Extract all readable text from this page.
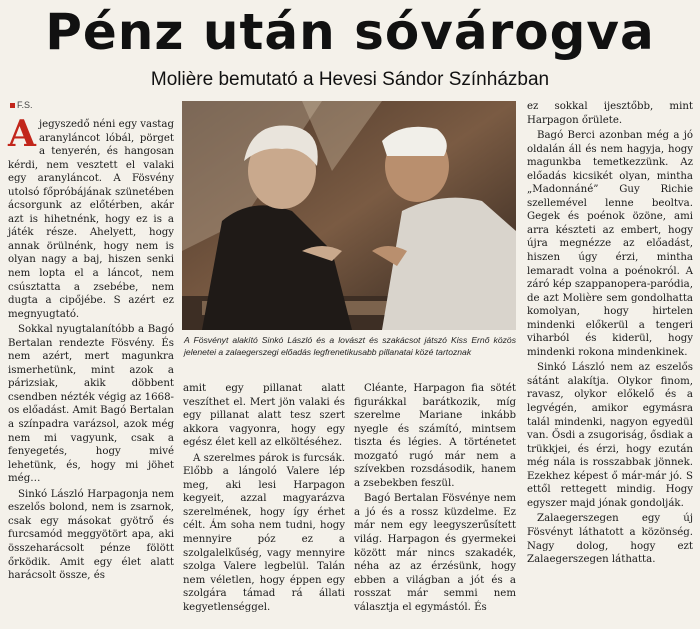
Pénz után sóvárogva
Molière bemutató a Hevesi Sándor Színházban
F.S.

Ajegyszedő néni egy vastag aranyláncot lóbál, pörget a tenyerén, és hangosan kérdi, nem vesztett el valaki egy aranyláncot. A Fösvény utolsó főpróbájának szünetében ácsorgunk az előtérben, akár azt is hihetnénk, hogy ez is a játék része. Ahelyett, hogy annak örülnénk, hogy nem is olyan nagy a baj, hiszen senki nem lopta el a láncot, nem csúsztatta a zsebébe, nem dugta a cipőjébe. S azért ez megnyugtató.

Sokkal nyugtalanítóbb a Bagó Bertalan rendezte Fösvény. És nem azért, mert magunkra ismerhetünk, mint azok a párizsiak, akik döbbent csendben nézték végig az 1668-os előadást. Amit Bagó Bertalan a színpadra varázsol, azok még nem mi vagyunk, csak a fenyegetés, hogy mivé lehetünk, és, hogy mi jöhet még…

Sinkó László Harpagonja nem eszelős bolond, nem is zsarnok, csak egy másokat gyötrő és furcsamód meggyötört apa, aki összeharácsolt pénze fölött őrködik. Amit egy élet alatt harácsolt össze, és

A Fösvényt alakító Sinkó László és a lovászt és szakácsot játszó Kiss Ernő közös jelenetei a zalaegerszegi előadás legfrenetikusabb pillanatai közé tartoznak

amit egy pillanat alatt veszíthet el. Mert jön valaki és egy pillanat alatt tesz szert akkora vagyonra, hogy egy egész élet kell az elköltéséhez.

A szerelmes párok is furcsák. Előbb a lángoló Valere lép meg, aki lesi Harpagon kegyeit, azzal magyarázva szerelmének, hogy így érhet célt. Ám soha nem tudni, hogy mennyire póz ez a szolgalelkűség, vagy mennyire szolga Valere legbelül. Talán nem véletlen, hogy éppen egy szolgára támad rá állati kegyetlenséggel.

Cléante, Harpagon fia sötét figurákkal barátkozik, míg szerelme Mariane inkább nyegle és számító, mintsem tiszta és légies. A történetet mozgató rugó már nem a szívekben rozsdásodik, hanem a zsebekben feszül.

Bagó Bertalan Fösvénye nem a jó és a rossz küzdelme. Ez már nem egy leegyszerűsített világ. Harpagon és gyermekei között már nincs szakadék, néha az az érzésünk, hogy ebben a világban a jót és a rosszat már semmi nem választja el egymástól. És

ez sokkal ijesztőbb, mint Harpagon őrülete.

Bagó Berci azonban még a jó oldalán áll és nem hagyja, hogy magunkba temetkezzünk. Az előadás kicsikét olyan, mintha „Madonnáné” Guy Richie szellemével lenne beoltva. Gegek és poénok özöne, ami arra készteti az embert, hogy újra megnézze az előadást, hiszen úgy érzi, mintha lemaradt volna a poénokról. A záró kép szappanopera-paródia, de azt Molière sem gondolhatta komolyan, hogy hirtelen mindenki előkerül a tengeri viharból és kiderül, hogy mindenki rokona mindenkinek.

Sinkó László nem az eszelős sátánt alakítja. Olykor finom, ravasz, olykor előkelő és a legvégén, amikor egymásra talál mindenki, nagyon egyedül van. Ősdi a zsugoriság, ősdiak a trükkjei, és érzi, hogy ezután még nála is rosszabbak jönnek. Ezekhez képest ő már-már jó. S ettől rettegett mindig. Hogy egyszer majd jónak gondolják.

Zalaegerszegen egy új Fösvényt láthatott a közönség. Nagy dolog, hogy ezt Zalaegerszegen láthatta.
